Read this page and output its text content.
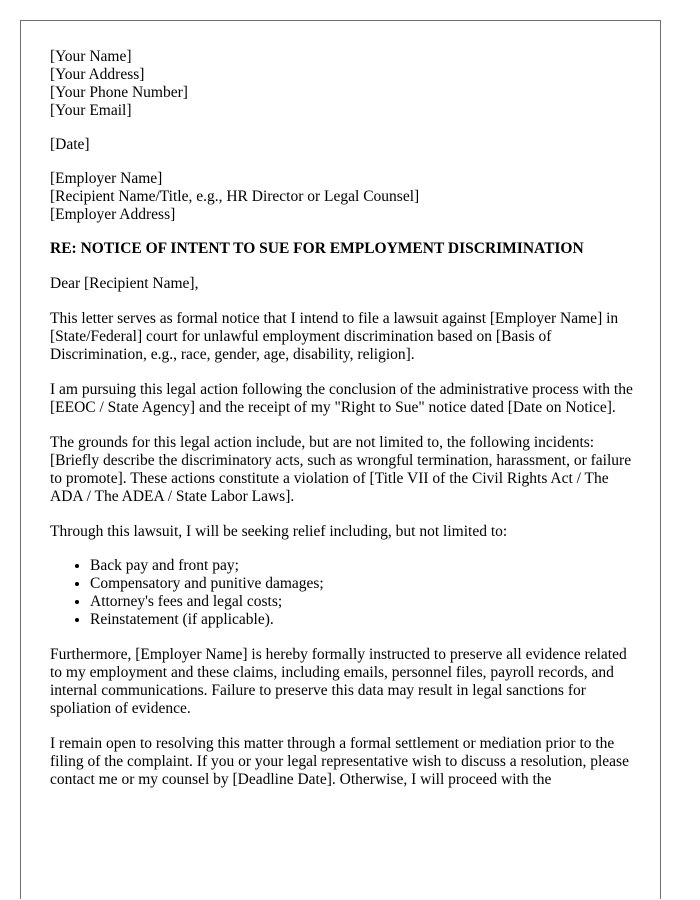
[Your Name]
[Your Address]
[Your Phone Number]
[Your Email]
[Date]
[Employer Name]
[Recipient Name/Title, e.g., HR Director or Legal Counsel]
[Employer Address]

RE: NOTICE OF INTENT TO SUE FOR EMPLOYMENT DISCRIMINATION

Dear [Recipient Name],

This letter serves as formal notice that I intend to file a lawsuit against [Employer Name] in [State/Federal] court for unlawful employment discrimination based on [Basis of Discrimination, e.g., race, gender, age, disability, religion].

I am pursuing this legal action following the conclusion of the administrative process with the [EEOC / State Agency] and the receipt of my "Right to Sue" notice dated [Date on Notice].

The grounds for this legal action include, but are not limited to, the following incidents: [Briefly describe the discriminatory acts, such as wrongful termination, harassment, or failure to promote]. These actions constitute a violation of [Title VII of the Civil Rights Act / The ADA / The ADEA / State Labor Laws].

Through this lawsuit, I will be seeking relief including, but not limited to:

• Back pay and front pay;
• Compensatory and punitive damages;
• Attorney's fees and legal costs;
• Reinstatement (if applicable).

Furthermore, [Employer Name] is hereby formally instructed to preserve all evidence related to my employment and these claims, including emails, personnel files, payroll records, and internal communications. Failure to preserve this data may result in legal sanctions for spoliation of evidence.

I remain open to resolving this matter through a formal settlement or mediation prior to the filing of the complaint. If you or your legal representative wish to discuss a resolution, please contact me or my counsel by [Deadline Date]. Otherwise, I will proceed with the
